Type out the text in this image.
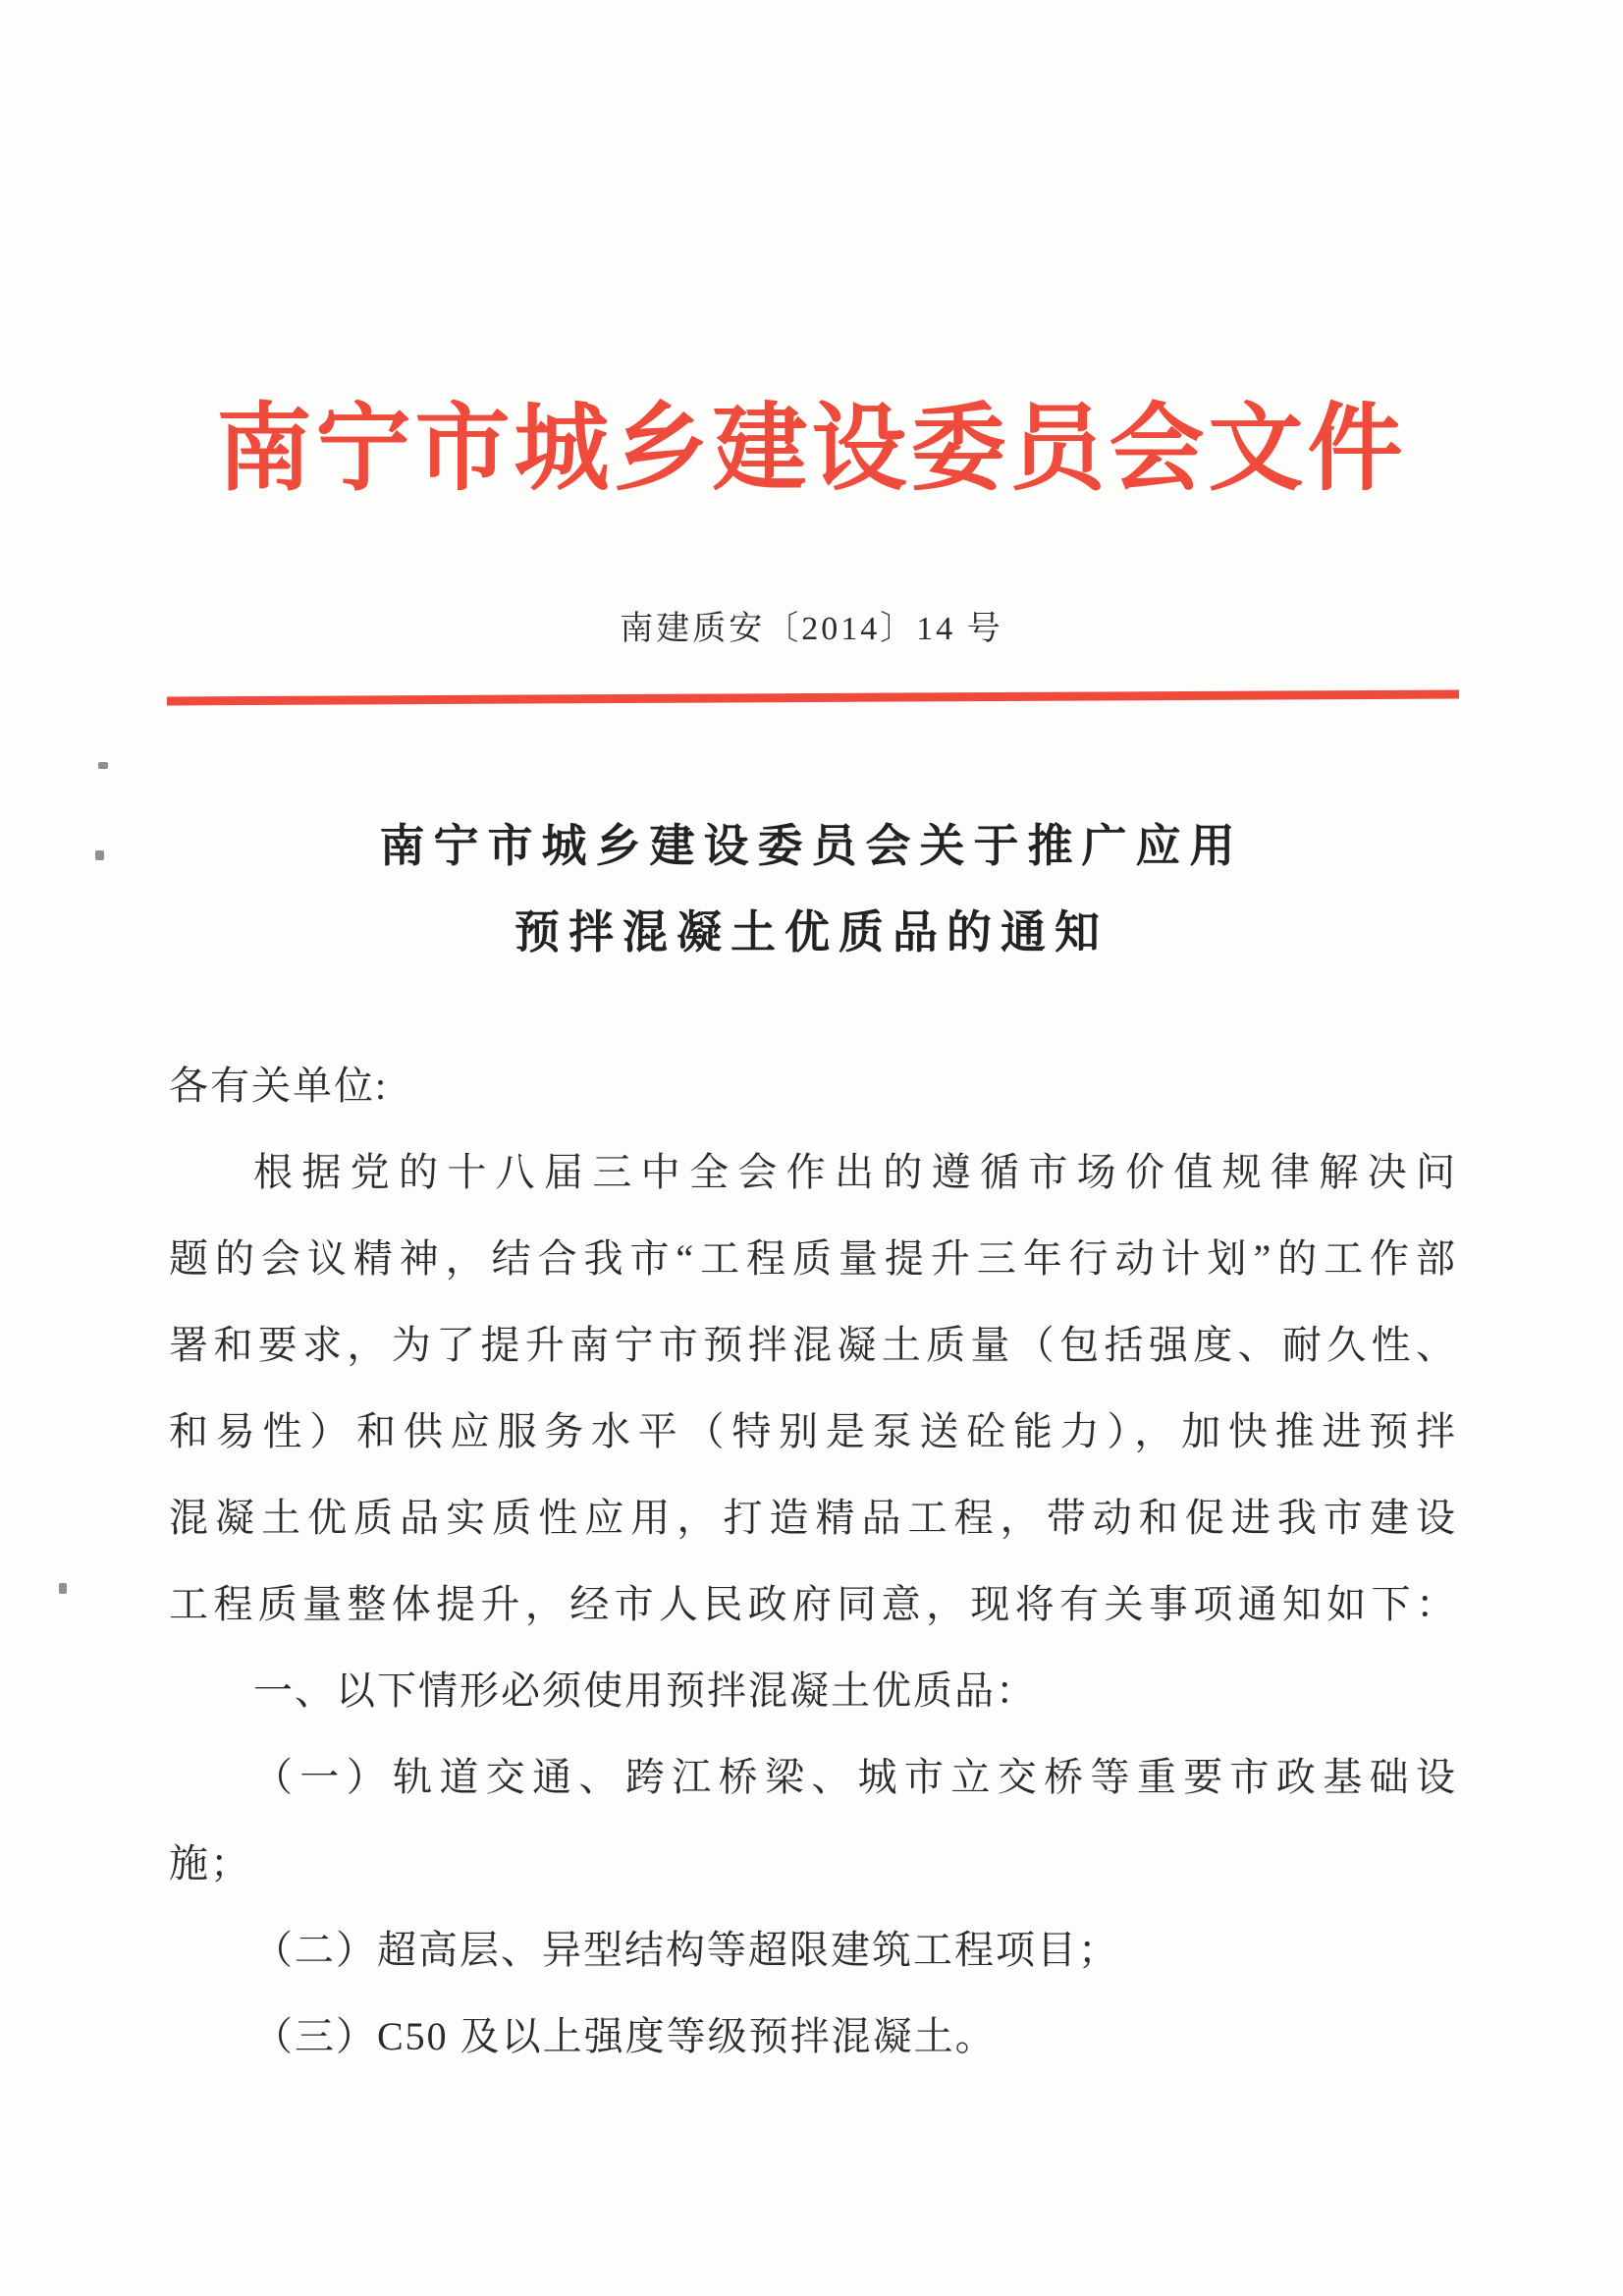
南宁市城乡建设委员会文件
南建质安〔2014〕14 号
南宁市城乡建设委员会关于推广应用
预拌混凝土优质品的通知
各有关单位:
根据党的十八届三中全会作出的遵循市场价值规律解决问
题的会议精神，结合我市“工程质量提升三年行动计划”的工作部
署和要求，为了提升南宁市预拌混凝土质量（包括强度、耐久性、
和易性）和供应服务水平（特别是泵送砼能力），加快推进预拌
混凝土优质品实质性应用，打造精品工程，带动和促进我市建设
工程质量整体提升，经市人民政府同意，现将有关事项通知如下：
一、以下情形必须使用预拌混凝土优质品：
（一）轨道交通、跨江桥梁、城市立交桥等重要市政基础设
施；
（二）超高层、异型结构等超限建筑工程项目；
（三）C50 及以上强度等级预拌混凝土。
